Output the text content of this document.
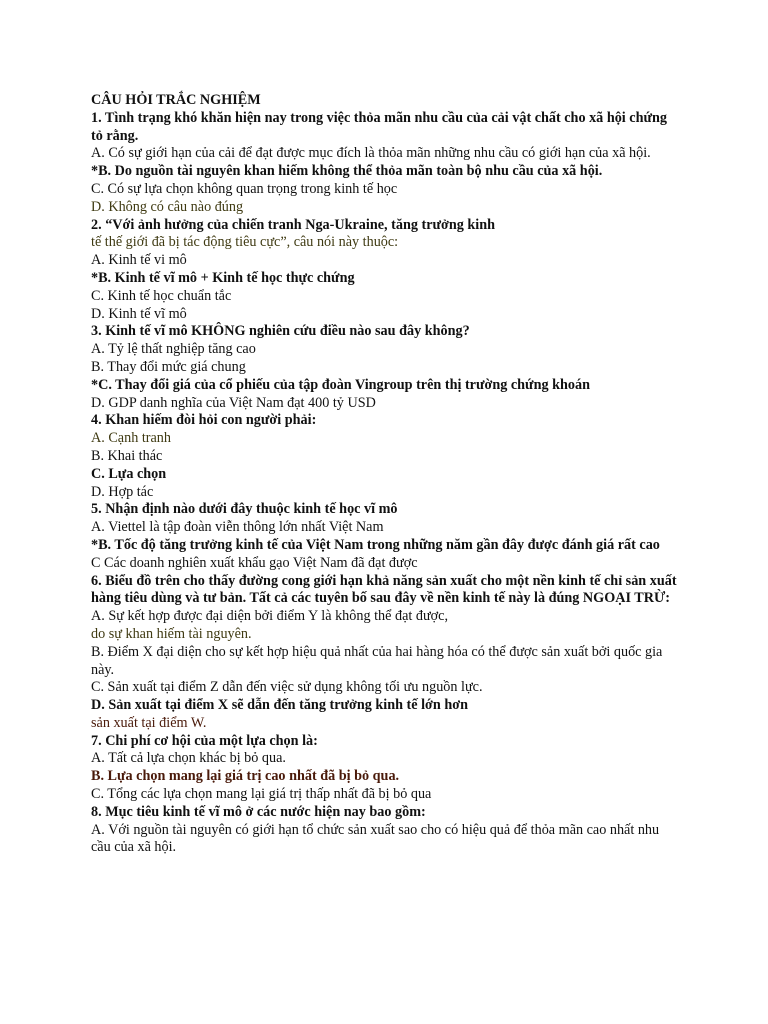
CÂU HỎI TRẮC NGHIỆM
1. Tình trạng khó khăn hiện nay trong việc thỏa mãn nhu cầu của cải vật chất cho xã hội chứng tỏ rằng.
A. Có sự giới hạn của cải để đạt được mục đích là thỏa mãn những nhu cầu có giới hạn của xã hội.
*B. Do nguồn tài nguyên khan hiếm không thể thỏa mãn toàn bộ nhu cầu của xã hội.
C. Có sự lựa chọn không quan trọng trong kinh tế học
D. Không có câu nào đúng
2. “Với ảnh hưởng của chiến tranh Nga-Ukraine, tăng trưởng kinh
tế thế giới đã bị tác động tiêu cực”, câu nói này thuộc:
A. Kinh tế vi mô
*B. Kinh tế vĩ mô + Kinh tế học thực chứng
C. Kinh tế học chuẩn tắc
D. Kinh tế vĩ mô
3. Kinh tế vĩ mô KHÔNG nghiên cứu điều nào sau đây không?
A. Tỷ lệ thất nghiệp tăng cao
B. Thay đổi mức giá chung
*C. Thay đổi giá của cổ phiếu của tập đoàn Vingroup trên thị trường chứng khoán
D. GDP danh nghĩa của Việt Nam đạt 400 tỷ USD
4. Khan hiếm đòi hỏi con người phải:
A. Cạnh tranh
B. Khai thác
C. Lựa chọn
D. Hợp tác
5. Nhận định nào dưới đây thuộc kinh tế học vĩ mô
A. Viettel là tập đoàn viễn thông lớn nhất Việt Nam
*B. Tốc độ tăng trưởng kinh tế của Việt Nam trong những năm gần đây được đánh giá rất cao
C Các doanh nghiên xuất khẩu gạo Việt Nam đã đạt được
6. Biểu đồ trên cho thấy đường cong giới hạn khả năng sản xuất cho một nền kinh tế chỉ sản xuất hàng tiêu dùng và tư bản. Tất cả các tuyên bố sau đây về nền kinh tế này là đúng NGOẠI TRỪ:
A. Sự kết hợp được đại diện bởi điểm Y là không thể đạt được,
do sự khan hiếm tài nguyên.
B. Điểm X đại diện cho sự kết hợp hiệu quả nhất của hai hàng hóa có thể được sản xuất bởi quốc gia này.
C. Sản xuất tại điểm Z dẫn đến việc sử dụng không tối ưu nguồn lực.
D. Sản xuất tại điểm X sẽ dẫn đến tăng trưởng kinh tế lớn hơn
sản xuất tại điểm W.
7. Chi phí cơ hội của một lựa chọn là:
A. Tất cả lựa chọn khác bị bỏ qua.
B. Lựa chọn mang lại giá trị cao nhất đã bị bỏ qua.
C. Tổng các lựa chọn mang lại giá trị thấp nhất đã bị bỏ qua
8. Mục tiêu kinh tế vĩ mô ở các nước hiện nay bao gồm:
A. Với nguồn tài nguyên có giới hạn tổ chức sản xuất sao cho có hiệu quả để thỏa mãn cao nhất nhu cầu của xã hội.
